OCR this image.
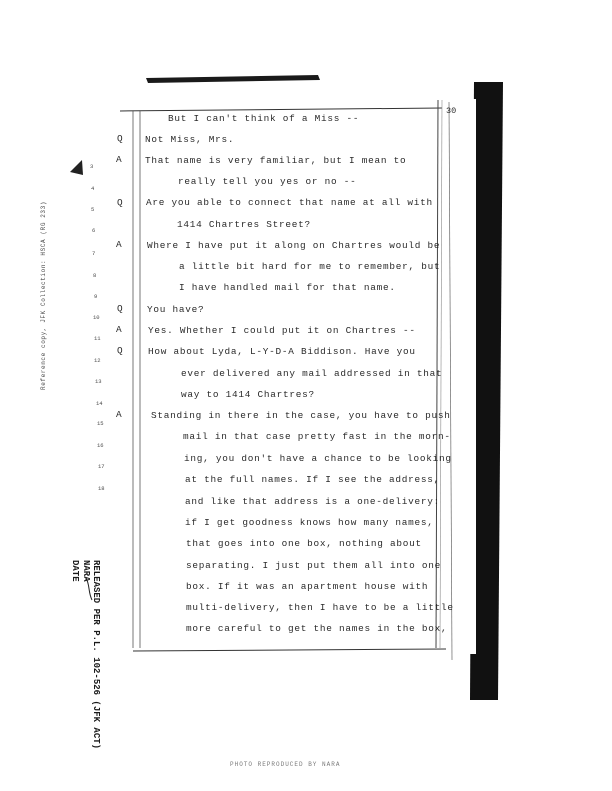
30
Q
A
Q
A
Q
A
Q
A
3
4
5
6
7
8
9
10
11
12
13
14
15
16
17
18
But I can't think of a Miss --
Not Miss, Mrs.
That name is very familiar, but I mean to
really tell you yes or no --
Are you able to connect that name at all with
1414 Chartres Street?
Where I have put it along on Chartres would be
a little bit hard for me to remember, but
I have handled mail for that name.
You have?
Yes. Whether I could put it on Chartres --
How about Lyda, L-Y-D-A Biddison. Have you
ever delivered any mail addressed in that
way to 1414 Chartres?
Standing in there in the case, you have to push
mail in that case pretty fast in the morn-
ing, you don't have a chance to be looking
at the full names. If I see the address,
and like that address is a one-delivery:
if I get goodness knows how many names,
that goes into one box, nothing about
separating. I just put them all into one
box. If it was an apartment house with
multi-delivery, then I have to be a little
more careful to get the names in the box,
Reference copy, JFK Collection: HSCA (RG 233)
RELEASED PER P.L. 102-526 (JFK ACT)
NARA
DATE
PHOTO REPRODUCED BY NARA
